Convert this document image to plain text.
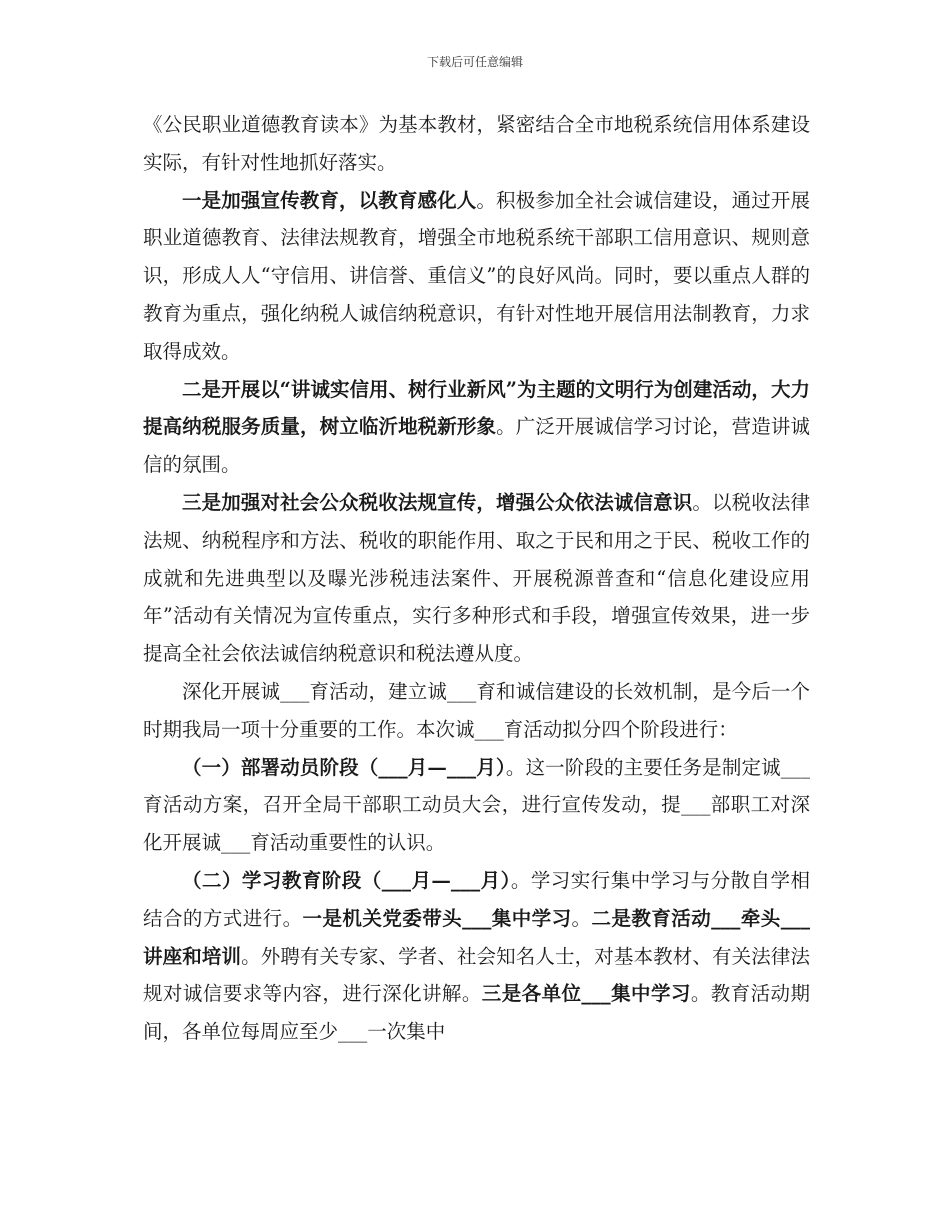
下载后可任意编辑

《公民职业道德教育读本》为基本教材，紧密结合全市地税系统信用体系建设实际，有针对性地抓好落实。

一是加强宣传教育，以教育感化人。积极参加全社会诚信建设，通过开展职业道德教育、法律法规教育，增强全市地税系统干部职工信用意识、规则意识，形成人人“守信用、讲信誉、重信义”的良好风尚。同时，要以重点人群的教育为重点，强化纳税人诚信纳税意识，有针对性地开展信用法制教育，力求取得成效。

二是开展以“讲诚实信用、树行业新风”为主题的文明行为创建活动，大力提高纳税服务质量，树立临沂地税新形象。广泛开展诚信学习讨论，营造讲诚信的氛围。

三是加强对社会公众税收法规宣传，增强公众依法诚信意识。以税收法律法规、纳税程序和方法、税收的职能作用、取之于民和用之于民、税收工作的成就和先进典型以及曝光涉税违法案件、开展税源普查和“信息化建设应用年”活动有关情况为宣传重点，实行多种形式和手段，增强宣传效果，进一步提高全社会依法诚信纳税意识和税法遵从度。

深化开展诚___育活动，建立诚___育和诚信建设的长效机制，是今后一个时期我局一项十分重要的工作。本次诚___育活动拟分四个阶段进行：

（一）部署动员阶段（___月—___月）。这一阶段的主要任务是制定诚___育活动方案，召开全局干部职工动员大会，进行宣传发动，提___部职工对深化开展诚___育活动重要性的认识。

（二）学习教育阶段（___月—___月）。学习实行集中学习与分散自学相结合的方式进行。一是机关党委带头___集中学习。二是教育活动___牵头___讲座和培训。外聘有关专家、学者、社会知名人士，对基本教材、有关法律法规对诚信要求等内容，进行深化讲解。三是各单位___集中学习。教育活动期间，各单位每周应至少___一次集中
